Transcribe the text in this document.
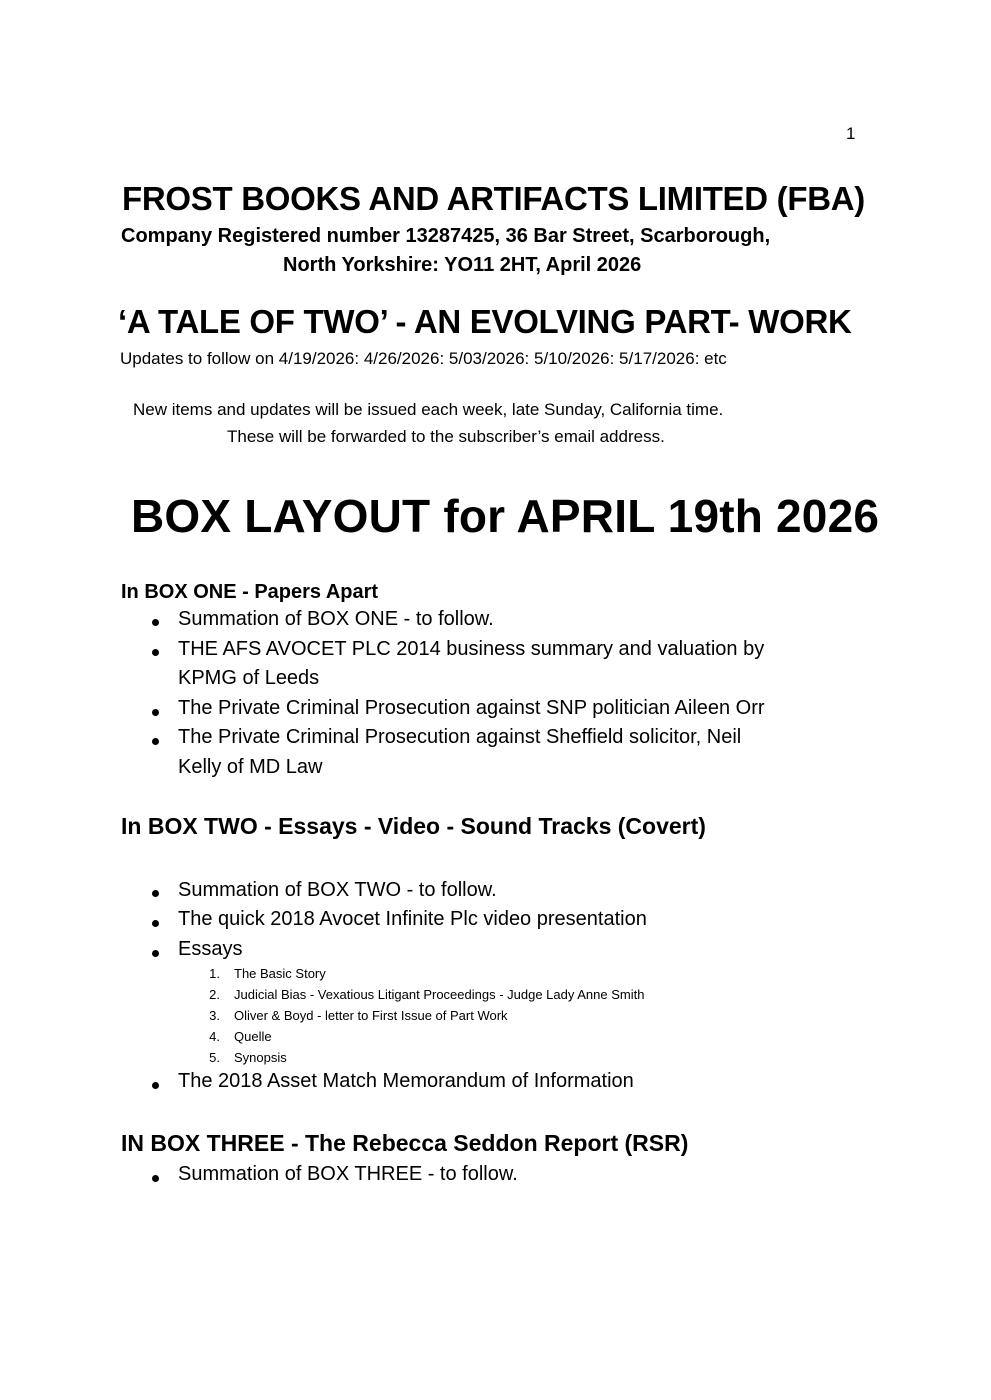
1
FROST BOOKS AND ARTIFACTS LIMITED (FBA)
Company Registered number 13287425, 36 Bar Street, Scarborough,
North Yorkshire: YO11 2HT, April 2026
‘A TALE OF TWO’ - AN EVOLVING PART- WORK
Updates to follow on 4/19/2026: 4/26/2026: 5/03/2026: 5/10/2026: 5/17/2026: etc
New items and updates will be issued each week, late Sunday, California time.
These will be forwarded to the subscriber’s email address.
BOX LAYOUT for APRIL 19th 2026
In BOX ONE - Papers Apart
Summation of BOX ONE - to follow.
THE AFS AVOCET PLC 2014 business summary and valuation by
KPMG of Leeds
The Private Criminal Prosecution against SNP politician Aileen Orr
The Private Criminal Prosecution against Sheffield solicitor, Neil
Kelly of MD Law
In BOX TWO - Essays - Video - Sound Tracks (Covert)
Summation of BOX TWO - to follow.
The quick 2018 Avocet Infinite Plc video presentation
Essays
1. The Basic Story
2. Judicial Bias - Vexatious Litigant Proceedings - Judge Lady Anne Smith
3. Oliver & Boyd - letter to First Issue of Part Work
4. Quelle
5. Synopsis
The 2018 Asset Match Memorandum of Information
IN BOX THREE - The Rebecca Seddon Report (RSR)
Summation of BOX THREE - to follow.
